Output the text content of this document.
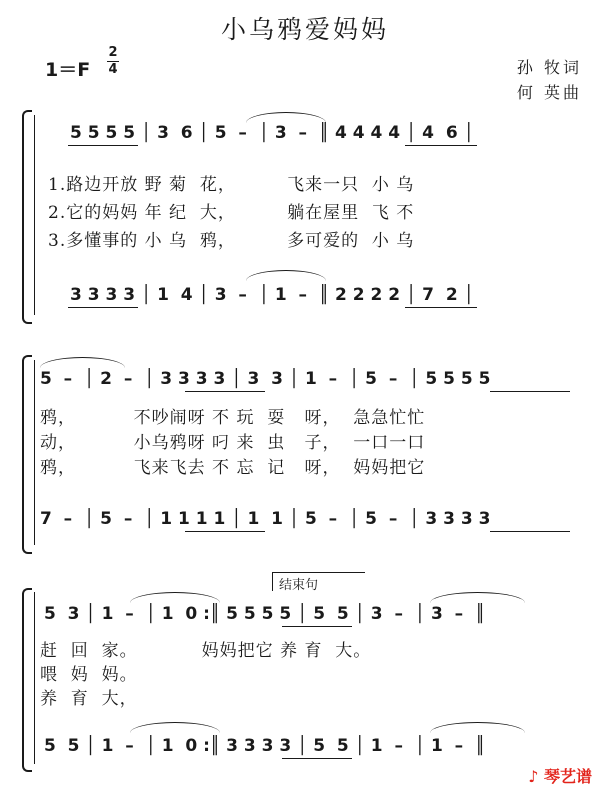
小乌鸦爱妈妈
1＝F
2
4	孙 牧词
何 英曲
5 5 5 5 │ 3  6 │ 5  –  │ 3  –  ║ 4 4 4 4 │ 4  6 │
1.路边开放 野 菊  花，        飞来一只  小 乌
2.它的妈妈 年 纪  大，        躺在屋里  飞 不
3.多懂事的 小 乌  鸦，        多可爱的  小 乌
3 3 3 3 │ 1  4 │ 3  –  │ 1  –  ║ 2 2 2 2 │ 7  2 │
5  –  │ 2  –  │ 3 3 3 3 │ 3  3 │ 1  –  │ 5  –  │ 5 5 5 5
鸦，         不吵闹呀 不 玩  耍   呀，  急急忙忙
动，         小乌鸦呀 叼 来  虫   子，  一口一口
鸦，         飞来飞去 不 忘  记   呀，  妈妈把它
7  –  │ 5  –  │ 1 1 1 1 │ 1  1 │ 5  –  │ 5  –  │ 3 3 3 3
结束句
5  3 │ 1  –  │ 1  0 :║ 5 5 5 5 │ 5  5 │ 3  –  │ 3  –  ║
赶  回  家。          妈妈把它 养 育  大。
喂  妈  妈。
养  育  大，
5  5 │ 1  –  │ 1  0 :║ 3 3 3 3 │ 5  5 │ 1  –  │ 1  –  ║
♪ 琴艺谱
